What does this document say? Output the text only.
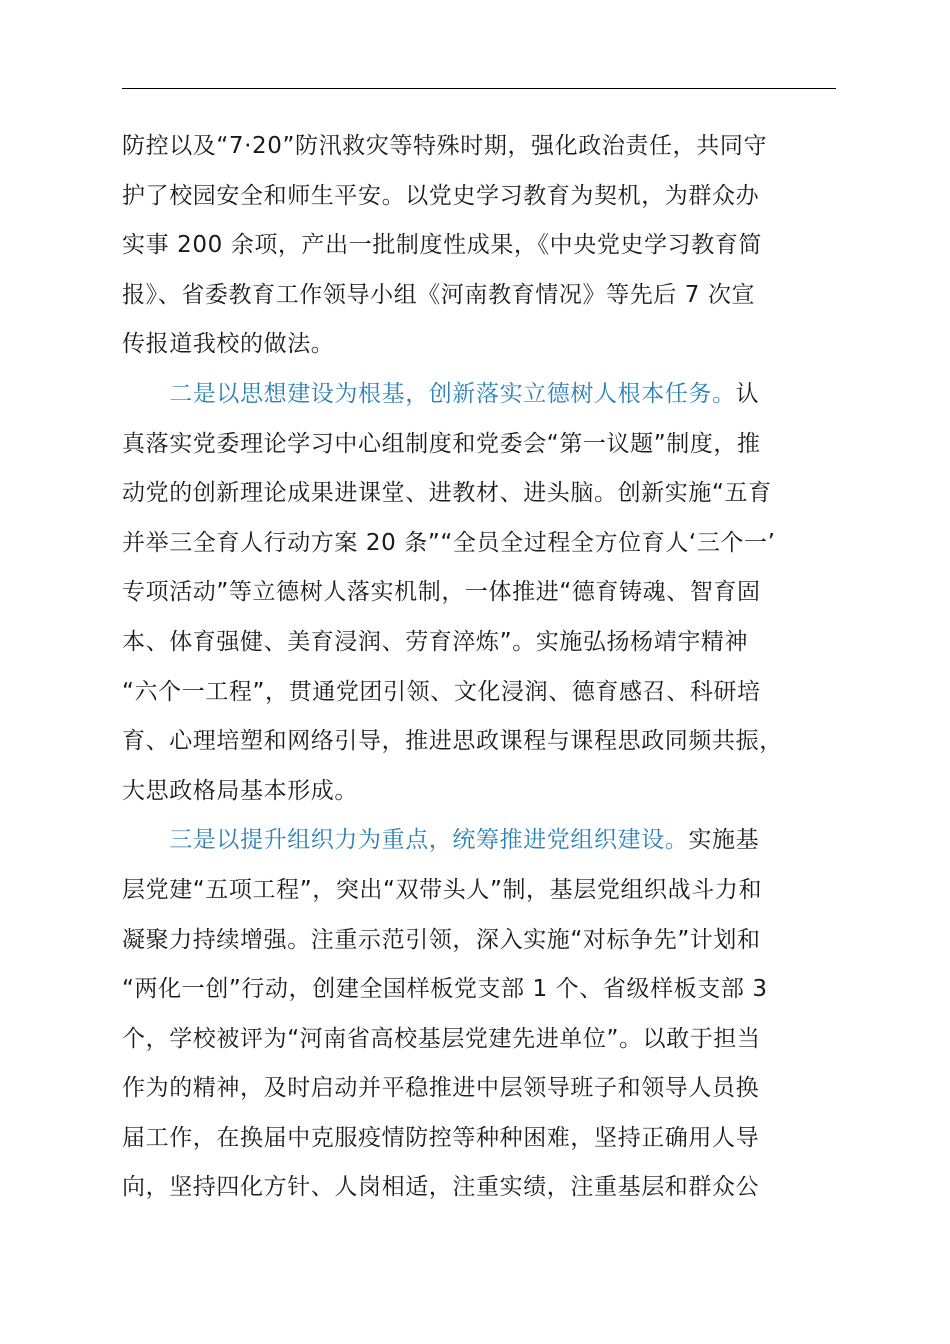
防控以及“7·20”防汛救灾等特殊时期，强化政治责任，共同守
护了校园安全和师生平安。以党史学习教育为契机，为群众办
实事 200 余项，产出一批制度性成果，《中央党史学习教育简
报》、省委教育工作领导小组《河南教育情况》等先后 7 次宣
传报道我校的做法。
　　二是以思想建设为根基，创新落实立德树人根本任务。认
真落实党委理论学习中心组制度和党委会“第一议题”制度，推
动党的创新理论成果进课堂、进教材、进头脑。创新实施“五育
并举三全育人行动方案 20 条”“全员全过程全方位育人‘三个一’
专项活动”等立德树人落实机制，一体推进“德育铸魂、智育固
本、体育强健、美育浸润、劳育淬炼”。实施弘扬杨靖宇精神
“六个一工程”，贯通党团引领、文化浸润、德育感召、科研培
育、心理培塑和网络引导，推进思政课程与课程思政同频共振，
大思政格局基本形成。
　　三是以提升组织力为重点，统筹推进党组织建设。实施基
层党建“五项工程”，突出“双带头人”制，基层党组织战斗力和
凝聚力持续增强。注重示范引领，深入实施“对标争先”计划和
“两化一创”行动，创建全国样板党支部 1 个、省级样板支部 3
个，学校被评为“河南省高校基层党建先进单位”。以敢于担当
作为的精神，及时启动并平稳推进中层领导班子和领导人员换
届工作，在换届中克服疫情防控等种种困难，坚持正确用人导
向，坚持四化方针、人岗相适，注重实绩，注重基层和群众公
